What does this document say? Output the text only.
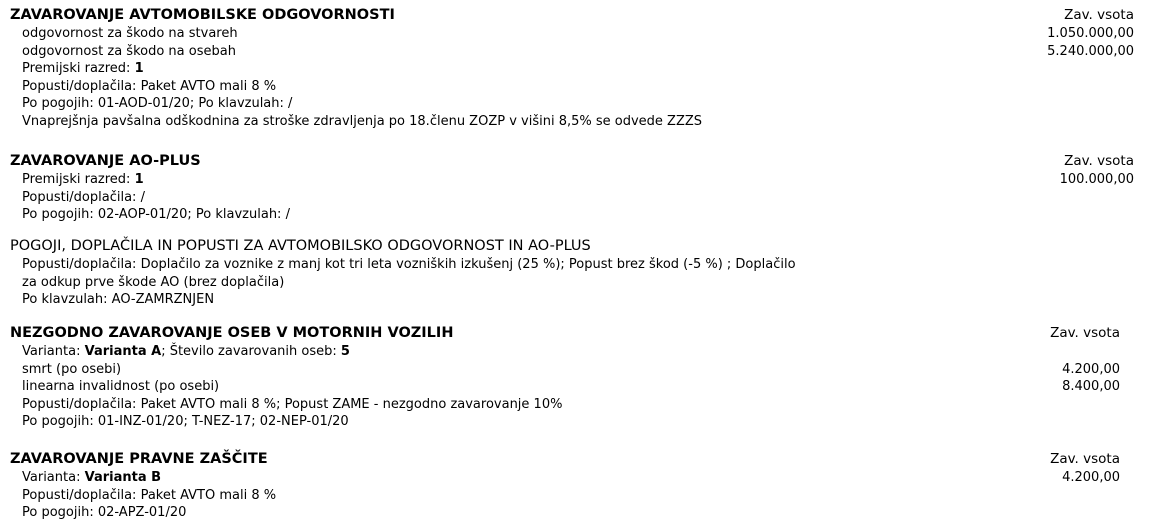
ZAVAROVANJE AVTOMOBILSKE ODGOVORNOSTI
odgovornost za škodo na stvareh
odgovornost za škodo na osebah
Premijski razred: 1
Popusti/doplačila: Paket AVTO mali 8 %
Po pogojih: 01-AOD-01/20; Po klavzulah: /
Vnaprejšnja pavšalna odškodnina za stroške zdravljenja po 18.členu ZOZP v višini 8,5% se odvede ZZZS
Zav. vsota
1.050.000,00
5.240.000,00
ZAVAROVANJE AO-PLUS
Premijski razred: 1
Popusti/doplačila: /
Po pogojih: 02-AOP-01/20; Po klavzulah: /
Zav. vsota
100.000,00
POGOJI, DOPLAČILA IN POPUSTI ZA AVTOMOBILSKO ODGOVORNOST IN AO-PLUS
Popusti/doplačila: Doplačilo za voznike z manj kot tri leta vozniških izkušenj (25 %); Popust brez škod (-5 %) ; Doplačilo za odkup prve škode AO (brez doplačila)
Po klavzulah: AO-ZAMRZNJEN
NEZGODNO ZAVAROVANJE OSEB V MOTORNIH VOZILIH
Varianta: Varianta A; Število zavarovanih oseb: 5
smrt (po osebi)
linearna invalidnost (po osebi)
Popusti/doplačila: Paket AVTO mali 8 %; Popust ZAME - nezgodno zavarovanje 10%
Po pogojih: 01-INZ-01/20; T-NEZ-17; 02-NEP-01/20
Zav. vsota

4.200,00
8.400,00
ZAVAROVANJE PRAVNE ZAŠČITE
Varianta: Varianta B
Popusti/doplačila: Paket AVTO mali 8 %
Po pogojih: 02-APZ-01/20
Zav. vsota
4.200,00
